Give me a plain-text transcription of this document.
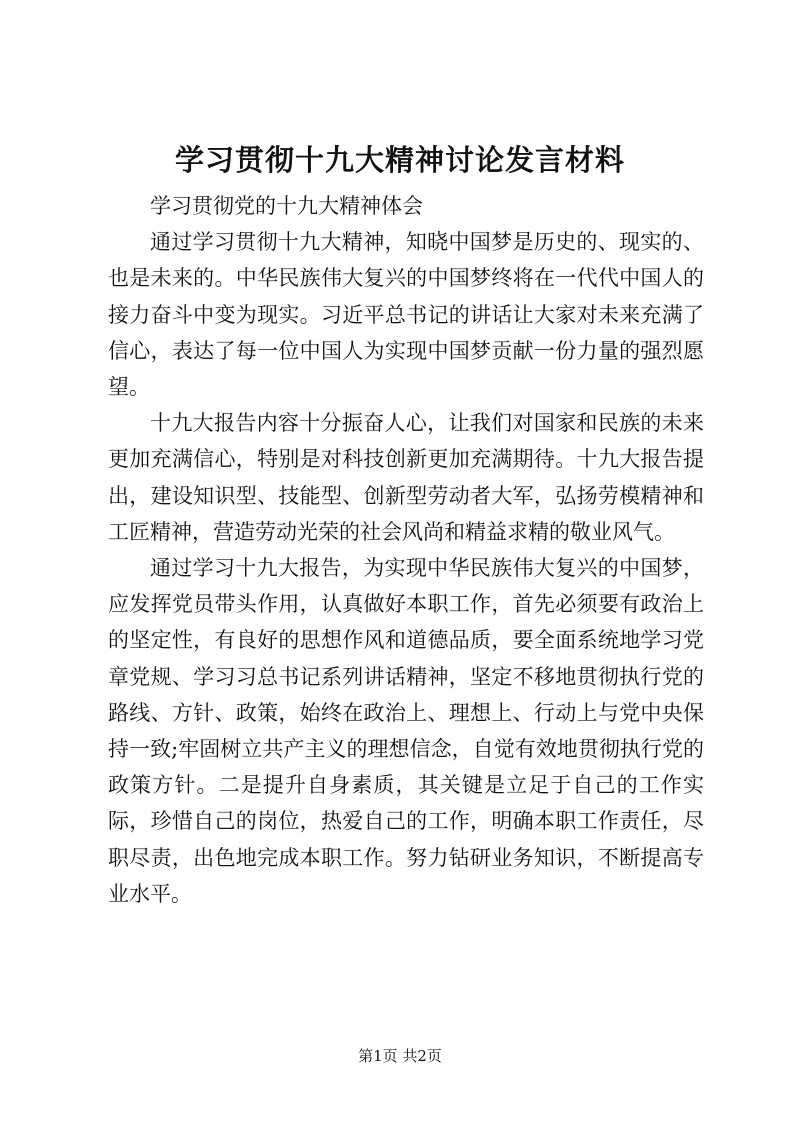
学习贯彻十九大精神讨论发言材料

学习贯彻党的十九大精神体会

通过学习贯彻十九大精神，知晓中国梦是历史的、现实的、也是未来的。中华民族伟大复兴的中国梦终将在一代代中国人的接力奋斗中变为现实。习近平总书记的讲话让大家对未来充满了信心，表达了每一位中国人为实现中国梦贡献一份力量的强烈愿望。

十九大报告内容十分振奋人心，让我们对国家和民族的未来更加充满信心，特别是对科技创新更加充满期待。十九大报告提出，建设知识型、技能型、创新型劳动者大军，弘扬劳模精神和工匠精神，营造劳动光荣的社会风尚和精益求精的敬业风气。

通过学习十九大报告，为实现中华民族伟大复兴的中国梦，应发挥党员带头作用，认真做好本职工作，首先必须要有政治上的坚定性，有良好的思想作风和道德品质，要全面系统地学习党章党规、学习习总书记系列讲话精神，坚定不移地贯彻执行党的路线、方针、政策，始终在政治上、理想上、行动上与党中央保持一致;牢固树立共产主义的理想信念，自觉有效地贯彻执行党的政策方针。二是提升自身素质，其关键是立足于自己的工作实际，珍惜自己的岗位，热爱自己的工作，明确本职工作责任，尽职尽责，出色地完成本职工作。努力钻研业务知识，不断提高专业水平。

第1页 共2页
